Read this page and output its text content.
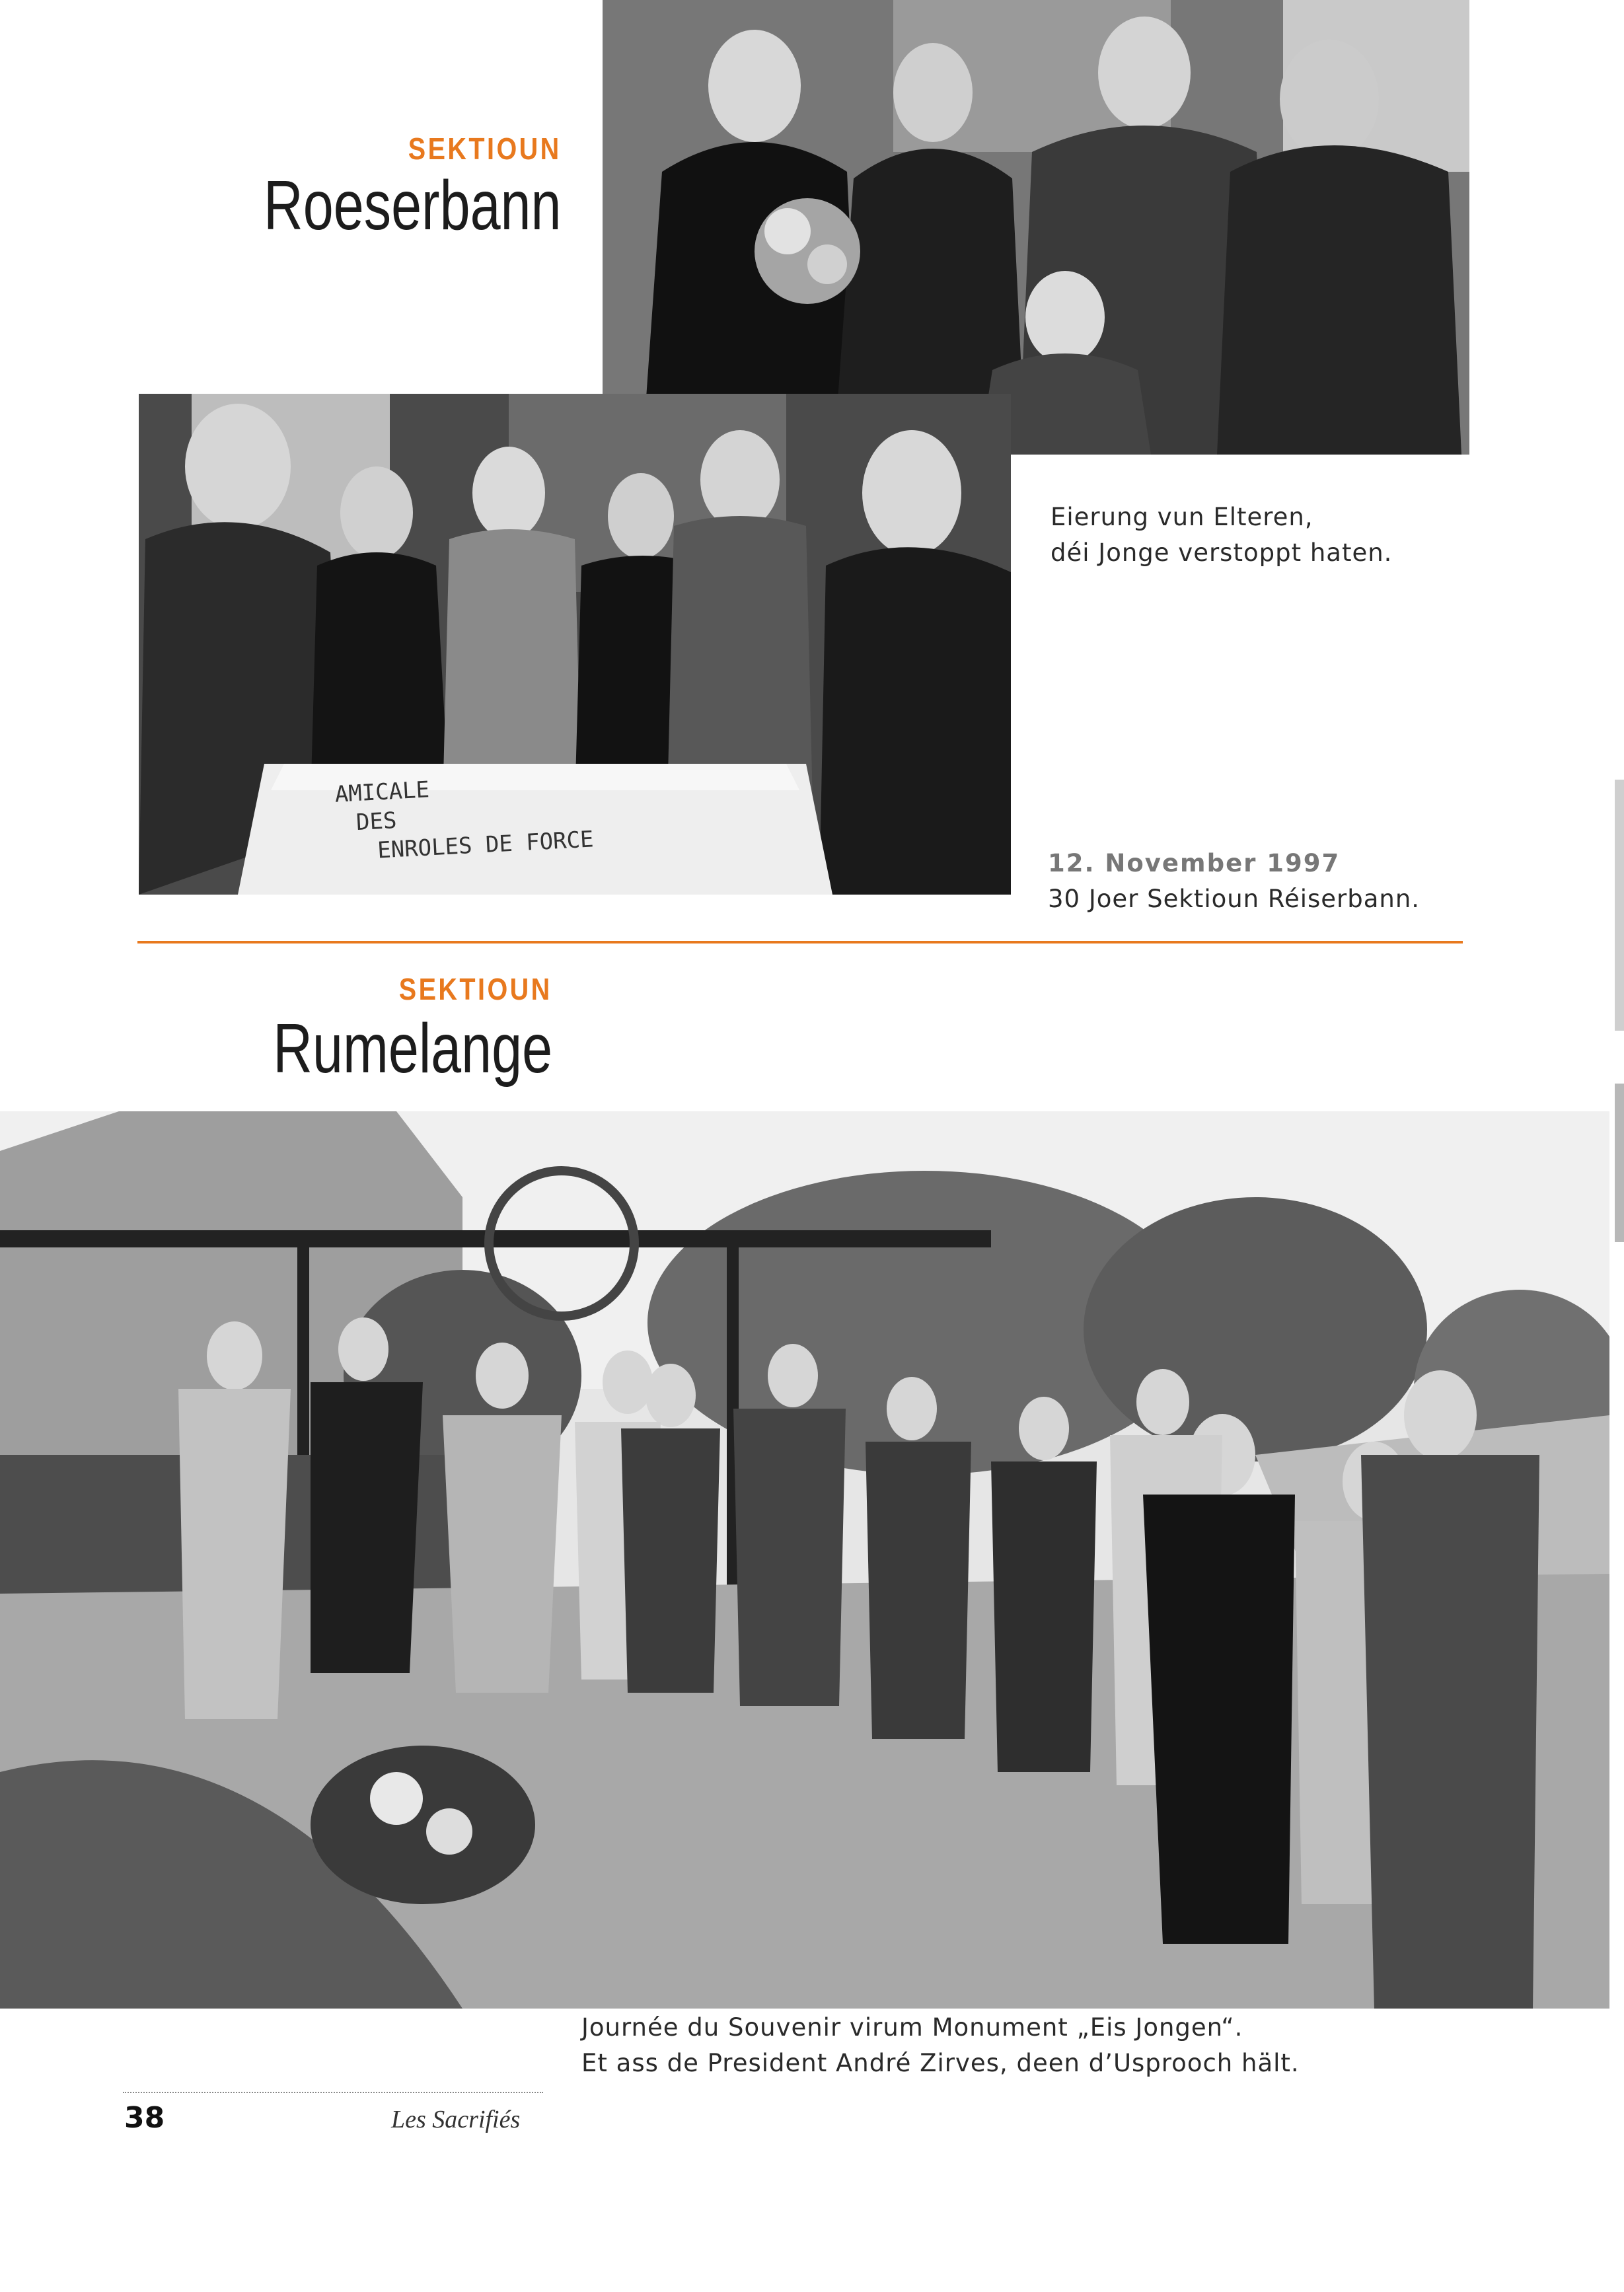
SEKTIOUN
Roeserbann
AMICALE
DES
ENROLES DE FORCE
Eierung vun Elteren,
déi Jonge verstoppt haten.
12. November 1997
30 Joer Sektioun Réiserbann.
SEKTIOUN
Rumelange
Journée du Souvenir virum Monument „Eis Jongen“.
Et ass de President André Zirves, deen d’Usprooch hält.
38	Les Sacrifiés
